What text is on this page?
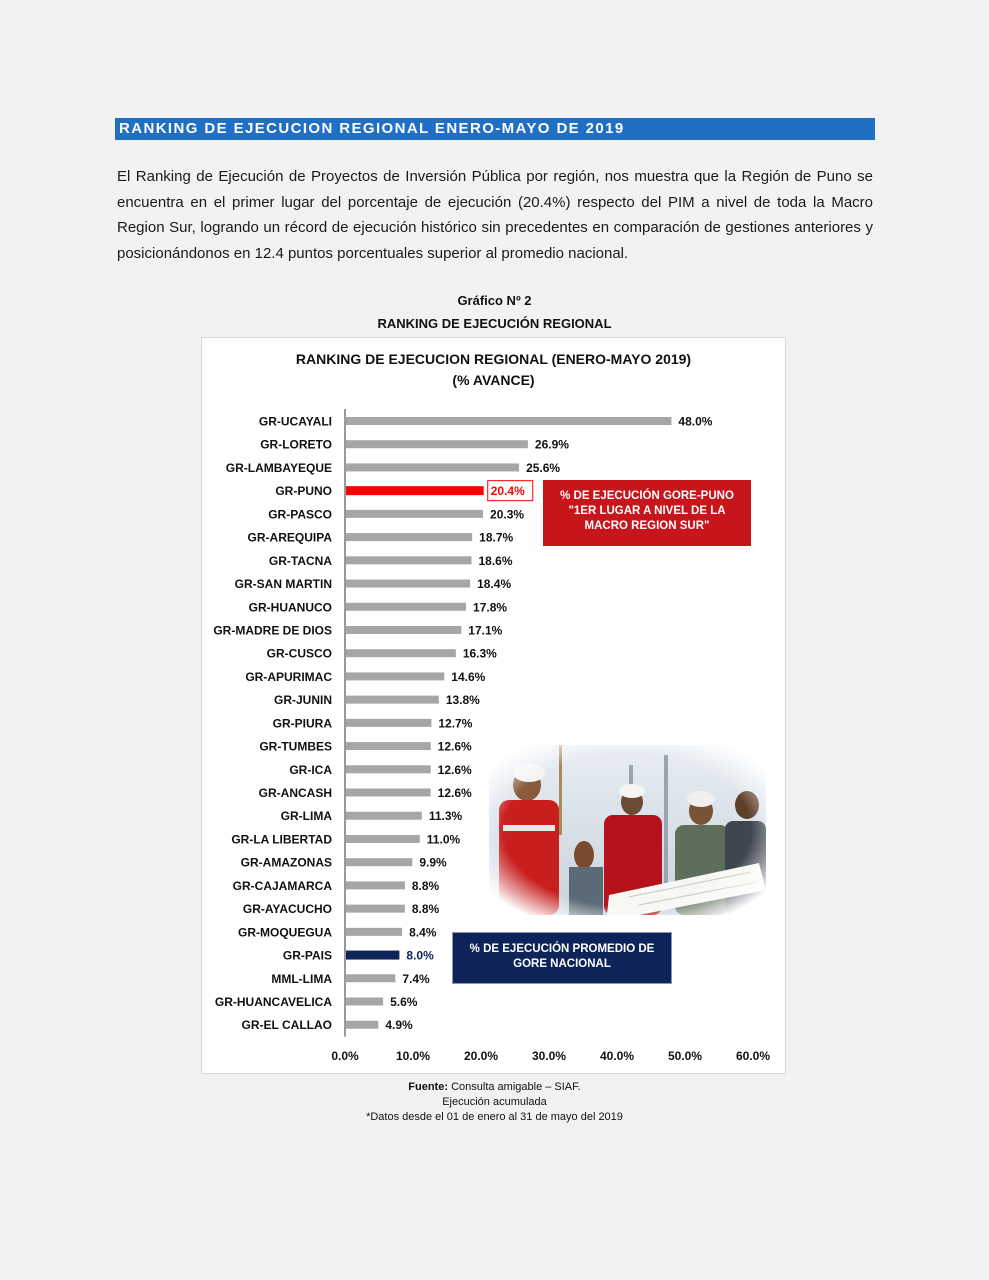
RANKING DE EJECUCION REGIONAL ENERO-MAYO DE 2019
El Ranking de Ejecución de Proyectos de Inversión Pública por región, nos muestra que la Región de Puno se encuentra en el primer lugar del porcentaje de ejecución (20.4%) respecto del PIM a nivel de toda la Macro Region Sur, logrando un récord de ejecución histórico sin precedentes en comparación de gestiones anteriores y posicionándonos en 12.4 puntos porcentuales superior al promedio nacional.
Gráfico Nº 2
RANKING DE EJECUCIÓN REGIONAL
RANKING DE EJECUCION REGIONAL (ENERO-MAYO 2019)
(% AVANCE)
GR-UCAYALI	48.0%
GR-LORETO	26.9%
GR-LAMBAYEQUE	25.6%
GR-PUNO	20.4%
GR-PASCO	20.3%
GR-AREQUIPA	18.7%
GR-TACNA	18.6%
GR-SAN MARTIN	18.4%
GR-HUANUCO	17.8%
GR-MADRE DE DIOS	17.1%
GR-CUSCO	16.3%
GR-APURIMAC	14.6%
GR-JUNIN	13.8%
GR-PIURA	12.7%
GR-TUMBES	12.6%
GR-ICA	12.6%
GR-ANCASH	12.6%
GR-LIMA	11.3%
GR-LA LIBERTAD	11.0%
GR-AMAZONAS	9.9%
GR-CAJAMARCA	8.8%
GR-AYACUCHO	8.8%
GR-MOQUEGUA	8.4%
GR-PAIS	8.0%
MML-LIMA	7.4%
GR-HUANCAVELICA	5.6%
GR-EL CALLAO	4.9%
0.0%	10.0%	20.0%	30.0%	40.0%	50.0%	60.0%
% DE EJECUCIÓN GORE-PUNO
"1ER LUGAR A NIVEL DE LA
MACRO REGION SUR"
% DE EJECUCIÓN PROMEDIO DE
GORE NACIONAL
Fuente: Consulta amigable – SIAF.
Ejecución acumulada
*Datos desde el 01 de enero al 31 de mayo del 2019
